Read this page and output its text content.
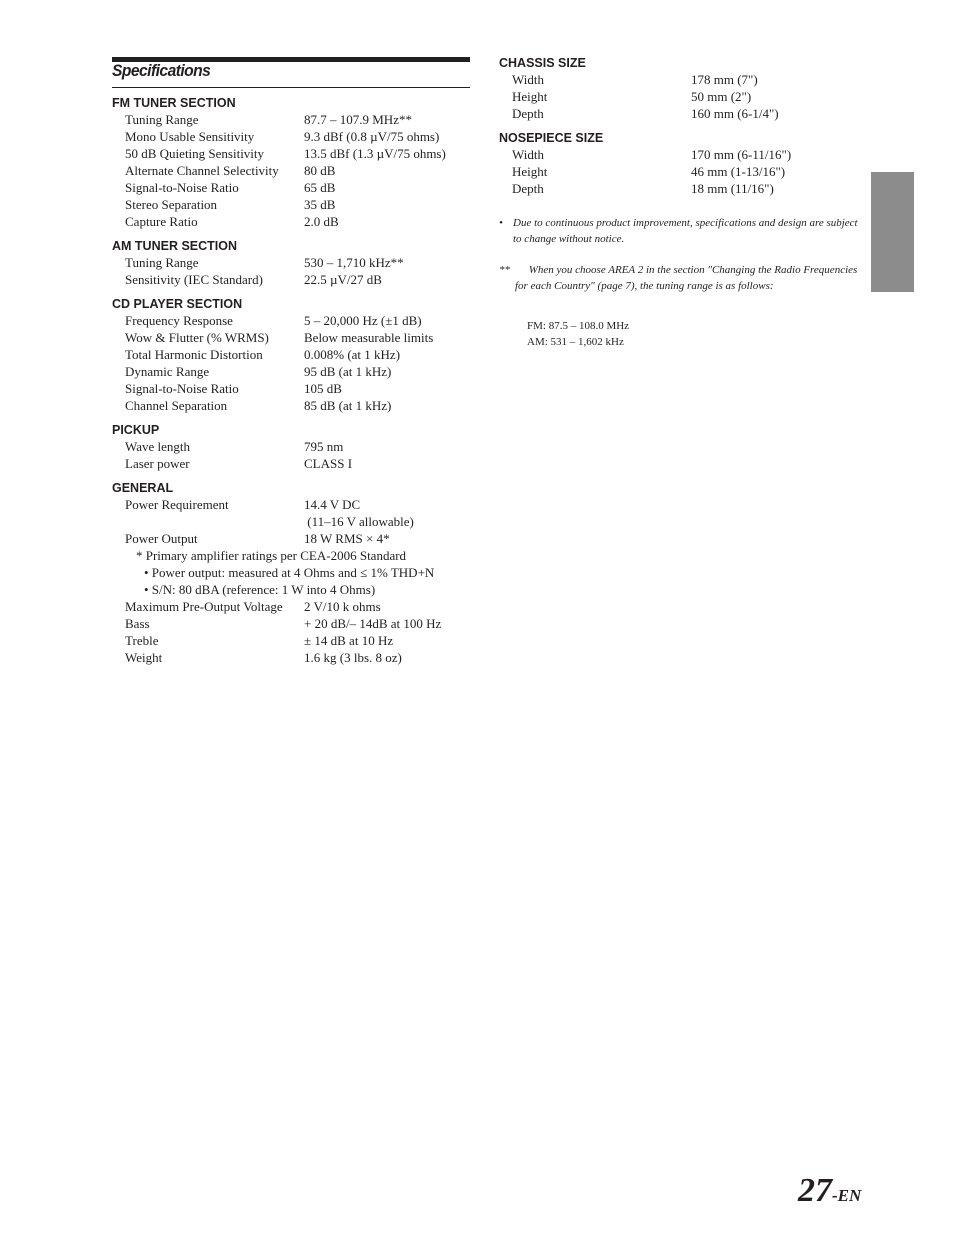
Specifications
FM TUNER SECTION
Tuning Range	87.7 – 107.9 MHz**
Mono Usable Sensitivity	9.3 dBf (0.8 µV/75 ohms)
50 dB Quieting Sensitivity	13.5 dBf (1.3 µV/75 ohms)
Alternate Channel Selectivity 80 dB
Signal-to-Noise Ratio	65 dB
Stereo Separation	35 dB
Capture Ratio	2.0 dB
AM TUNER SECTION
Tuning Range	530 – 1,710 kHz**
Sensitivity (IEC Standard)	22.5 µV/27 dB
CD PLAYER SECTION
Frequency Response	5 – 20,000 Hz (±1 dB)
Wow & Flutter (% WRMS)	Below measurable limits
Total Harmonic Distortion	0.008% (at 1 kHz)
Dynamic Range	95 dB (at 1 kHz)
Signal-to-Noise Ratio	105 dB
Channel Separation	85 dB (at 1 kHz)
PICKUP
Wave length	795 nm
Laser power	CLASS I
GENERAL
Power Requirement	14.4 V DC
(11–16 V allowable)
Power Output	18 W RMS × 4*
* Primary amplifier ratings per CEA-2006 Standard
• Power output: measured at 4 Ohms and ≤ 1% THD+N
• S/N: 80 dBA (reference: 1 W into 4 Ohms)
Maximum Pre-Output Voltage 2 V/10 k ohms
Bass	+ 20 dB/– 14dB at 100 Hz
Treble	± 14 dB at 10 Hz
Weight	1.6 kg (3 lbs. 8 oz)
CHASSIS SIZE
Width	178 mm (7")
Height	50 mm (2")
Depth	160 mm (6-1/4")
NOSEPIECE SIZE
Width	170 mm (6-11/16")
Height	46 mm (1-13/16")
Depth	18 mm (11/16")
• Due to continuous product improvement, specifications and design are subject to change without notice.
** When you choose AREA 2 in the section "Changing the Radio Frequencies for each Country" (page 7), the tuning range is as follows:
FM: 87.5 – 108.0 MHz
AM: 531 – 1,602 kHz
27-EN
